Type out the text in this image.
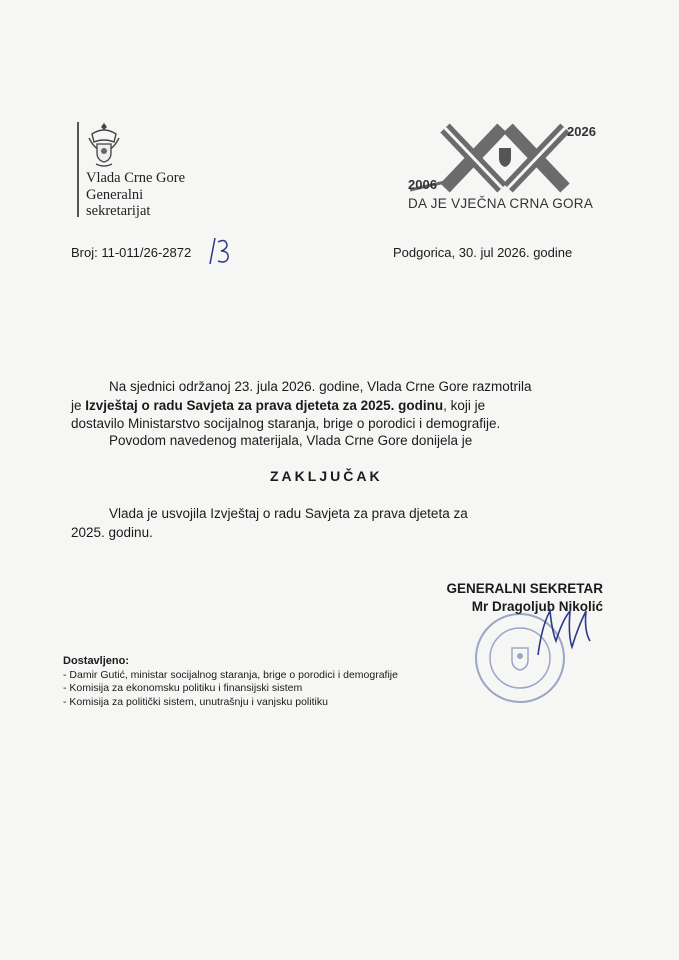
Vlada Crne Gore
Generalni
sekretarijat
2006
2026
DA JE VJEČNA CRNA GORA
Broj: 11-011/26-2872	Podgorica, 30. jul 2026. godine
Na sjednici održanoj 23. jula 2026. godine, Vlada Crne Gore razmotrila
je Izvještaj o radu Savjeta za prava djeteta za 2025. godinu, koji je
dostavilo Ministarstvo socijalnog staranja, brige o porodici i demografije.
Povodom navedenog materijala, Vlada Crne Gore donijela je
ZAKLJUČAK
Vlada je usvojila Izvještaj o radu Savjeta za prava djeteta za
2025. godinu.
GENERALNI SEKRETAR
Mr Dragoljub Nikolić
Dostavljeno:
- Damir Gutić, ministar socijalnog staranja, brige o porodici i demografije
- Komisija za ekonomsku politiku i finansijski sistem
- Komisija za politički sistem, unutrašnju i vanjsku politiku
